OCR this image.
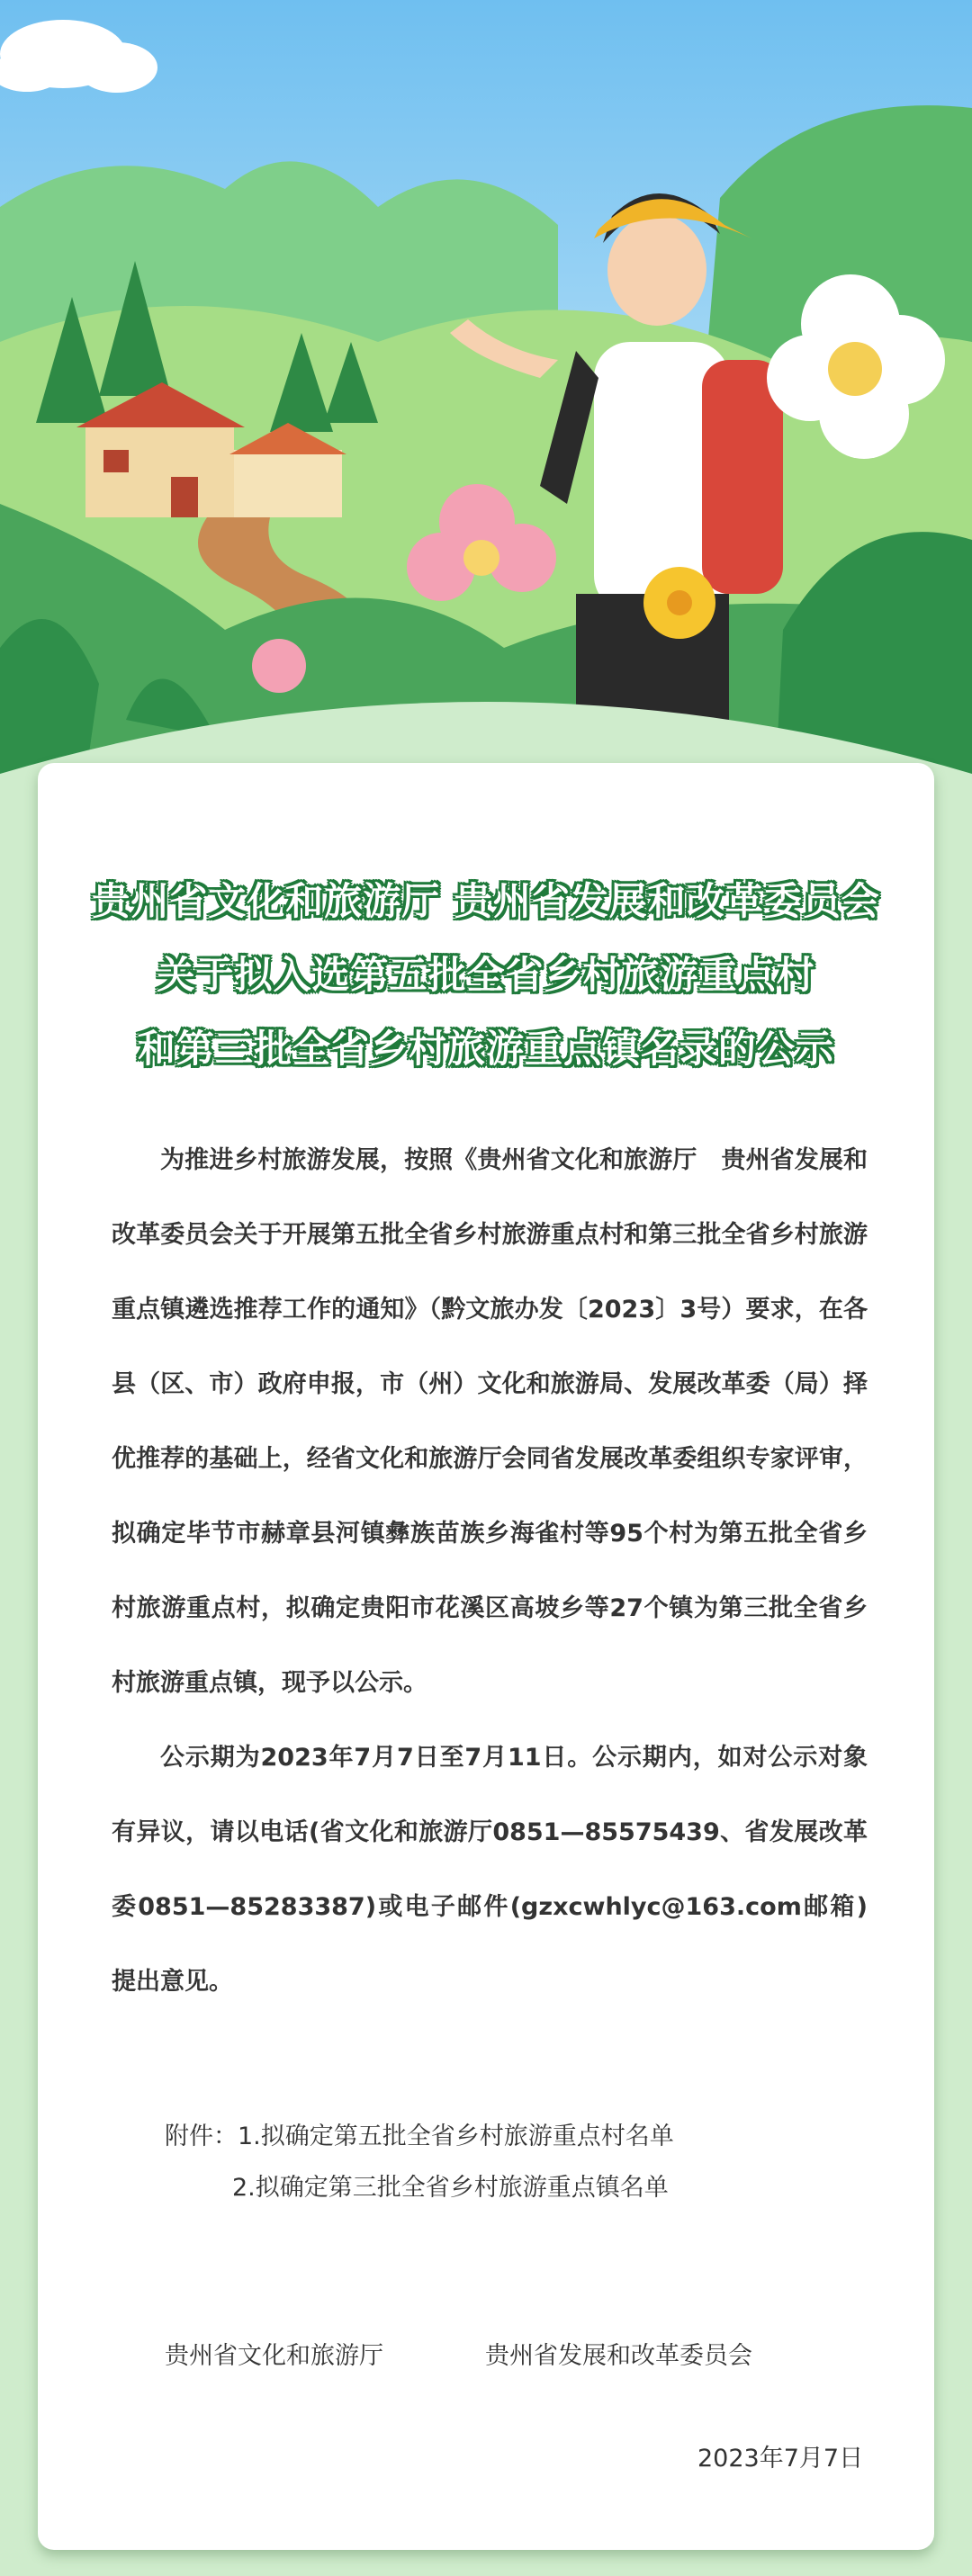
贵州省文化和旅游厅 贵州省发展和改革委员会
关于拟入选第五批全省乡村旅游重点村
和第三批全省乡村旅游重点镇名录的公示

为推进乡村旅游发展，按照《贵州省文化和旅游厅　贵州省发展和改革委员会关于开展第五批全省乡村旅游重点村和第三批全省乡村旅游重点镇遴选推荐工作的通知》（黔文旅办发〔2023〕3号）要求，在各县（区、市）政府申报，市（州）文化和旅游局、发展改革委（局）择优推荐的基础上，经省文化和旅游厅会同省发展改革委组织专家评审，拟确定毕节市赫章县河镇彝族苗族乡海雀村等95个村为第五批全省乡村旅游重点村，拟确定贵阳市花溪区高坡乡等27个镇为第三批全省乡村旅游重点镇，现予以公示。

公示期为2023年7月7日至7月11日。公示期内，如对公示对象有异议，请以电话(省文化和旅游厅0851—85575439、省发展改革委0851—85283387)或电子邮件(gzxcwhlyc@163.com邮箱)提出意见。

附件：1.拟确定第五批全省乡村旅游重点村名单
2.拟确定第三批全省乡村旅游重点镇名单
贵州省文化和旅游厅	贵州省发展和改革委员会
2023年7月7日
